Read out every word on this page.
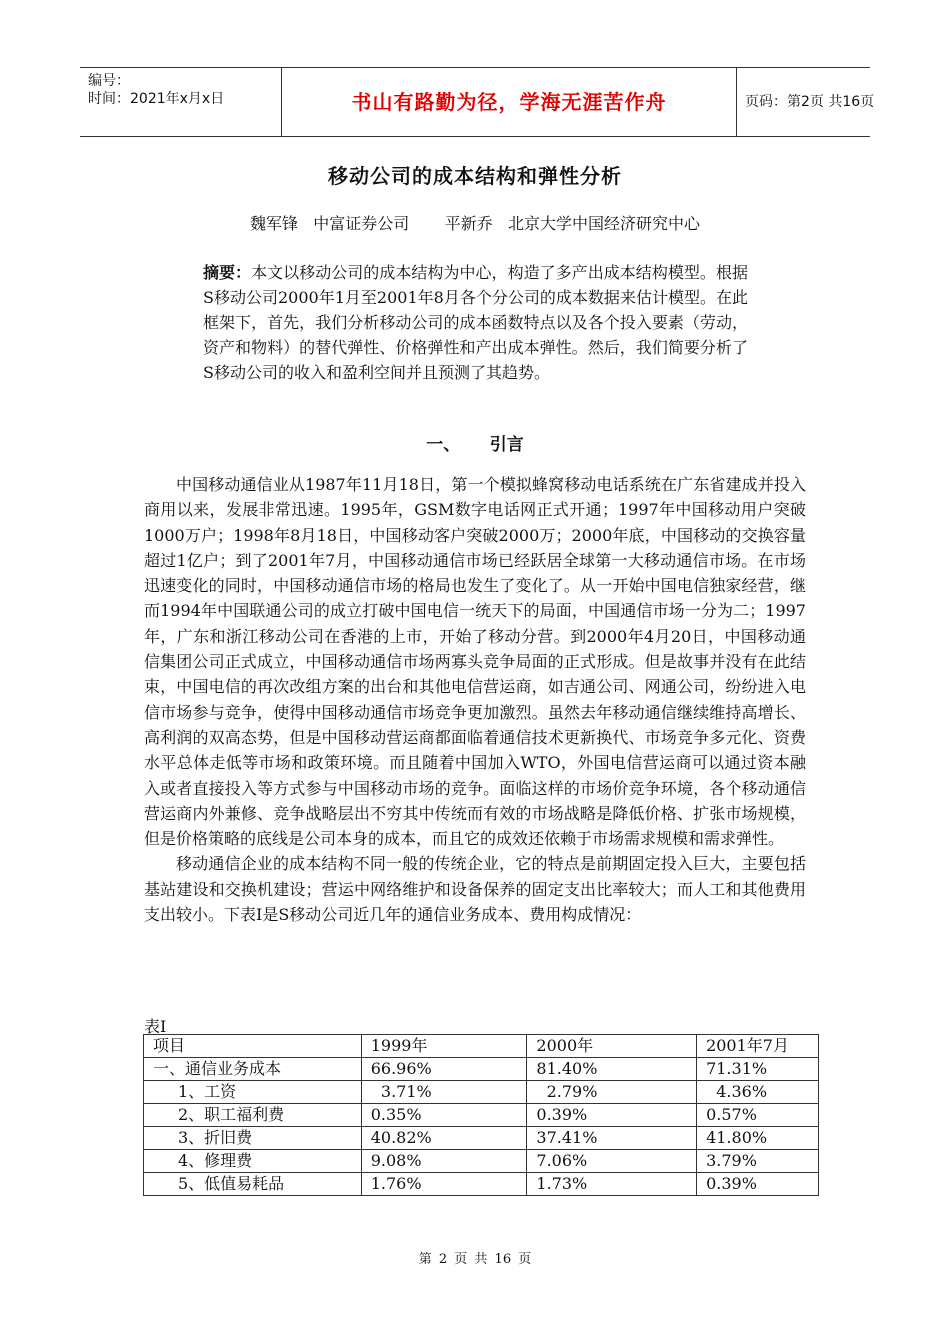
编号：
时间：2021年x月x日	书山有路勤为径，学海无涯苦作舟	页码：第2页 共16页
移动公司的成本结构和弹性分析
魏军锋   中富证券公司       平新乔   北京大学中国经济研究中心
摘要：本文以移动公司的成本结构为中心，构造了多产出成本结构模型。根据S移动公司2000年1月至2001年8月各个分公司的成本数据来估计模型。在此框架下，首先，我们分析移动公司的成本函数特点以及各个投入要素（劳动，资产和物料）的替代弹性、价格弹性和产出成本弹性。然后，我们简要分析了S移动公司的收入和盈利空间并且预测了其趋势。
一、     引言

中国移动通信业从1987年11月18日，第一个模拟蜂窝移动电话系统在广东省建成并投入商用以来，发展非常迅速。1995年，GSM数字电话网正式开通；1997年中国移动用户突破1000万户；1998年8月18日，中国移动客户突破2000万；2000年底，中国移动的交换容量超过1亿户；到了2001年7月，中国移动通信市场已经跃居全球第一大移动通信市场。在市场迅速变化的同时，中国移动通信市场的格局也发生了变化了。从一开始中国电信独家经营，继而1994年中国联通公司的成立打破中国电信一统天下的局面，中国通信市场一分为二；1997年，广东和浙江移动公司在香港的上市，开始了移动分营。到2000年4月20日，中国移动通信集团公司正式成立，中国移动通信市场两寡头竞争局面的正式形成。但是故事并没有在此结束，中国电信的再次改组方案的出台和其他电信营运商，如吉通公司、网通公司，纷纷进入电信市场参与竞争，使得中国移动通信市场竞争更加激烈。虽然去年移动通信继续维持高增长、高利润的双高态势，但是中国移动营运商都面临着通信技术更新换代、市场竞争多元化、资费水平总体走低等市场和政策环境。而且随着中国加入WTO，外国电信营运商可以通过资本融入或者直接投入等方式参与中国移动市场的竞争。面临这样的市场价竞争环境，各个移动通信营运商内外兼修、竞争战略层出不穷其中传统而有效的市场战略是降低价格、扩张市场规模，但是价格策略的底线是公司本身的成本，而且它的成效还依赖于市场需求规模和需求弹性。

移动通信企业的成本结构不同一般的传统企业，它的特点是前期固定投入巨大，主要包括基站建设和交换机建设；营运中网络维护和设备保养的固定支出比率较大；而人工和其他费用支出较小。下表I是S移动公司近几年的通信业务成本、费用构成情况：

表I
项目	1999年	2000年	2001年7月
一、通信业务成本	66.96%	81.40%	71.31%
1、工资	3.71%	2.79%	4.36%
2、职工福利费	0.35%	0.39%	0.57%
3、折旧费	40.82%	37.41%	41.80%
4、修理费	9.08%	7.06%	3.79%
5、低值易耗品	1.76%	1.73%	0.39%
第 2 页 共 16 页
